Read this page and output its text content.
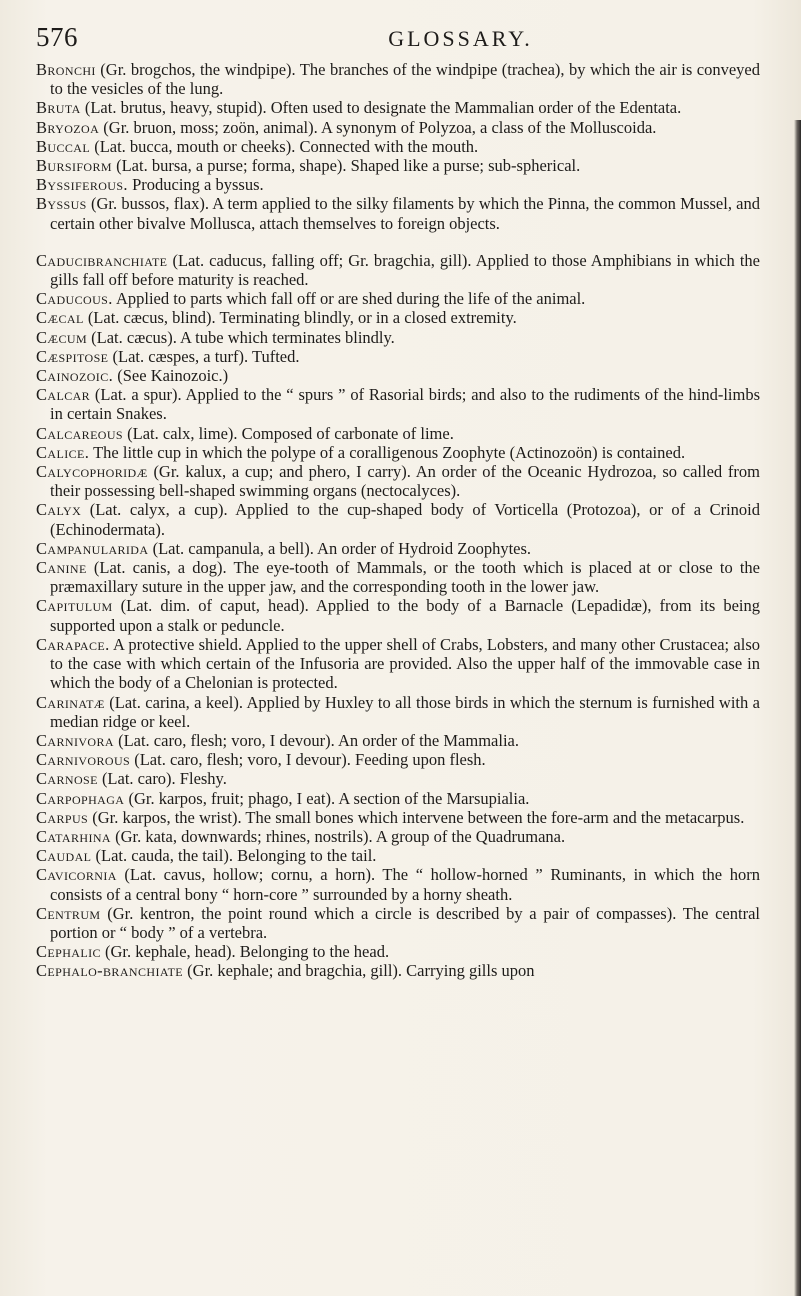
576	GLOSSARY.

Bronchi (Gr. brogchos, the windpipe). The branches of the windpipe (trachea), by which the air is conveyed to the vesicles of the lung.

Bruta (Lat. brutus, heavy, stupid). Often used to designate the Mammalian order of the Edentata.

Bryozoa (Gr. bruon, moss; zoön, animal). A synonym of Polyzoa, a class of the Molluscoida.

Buccal (Lat. bucca, mouth or cheeks). Connected with the mouth.

Bursiform (Lat. bursa, a purse; forma, shape). Shaped like a purse; sub-spherical.

Byssiferous. Producing a byssus.

Byssus (Gr. bussos, flax). A term applied to the silky filaments by which the Pinna, the common Mussel, and certain other bivalve Mollusca, attach themselves to foreign objects.

Caducibranchiate (Lat. caducus, falling off; Gr. bragchia, gill). Applied to those Amphibians in which the gills fall off before maturity is reached.

Caducous. Applied to parts which fall off or are shed during the life of the animal.

Cæcal (Lat. cæcus, blind). Terminating blindly, or in a closed extremity.

Cæcum (Lat. cæcus). A tube which terminates blindly.

Cæspitose (Lat. cæspes, a turf). Tufted.

Cainozoic. (See Kainozoic.)

Calcar (Lat. a spur). Applied to the “ spurs ” of Rasorial birds; and also to the rudiments of the hind-limbs in certain Snakes.

Calcareous (Lat. calx, lime). Composed of carbonate of lime.

Calice. The little cup in which the polype of a coralligenous Zoophyte (Actinozoön) is contained.

Calycophoridæ (Gr. kalux, a cup; and phero, I carry). An order of the Oceanic Hydrozoa, so called from their possessing bell-shaped swimming organs (nectocalyces).

Calyx (Lat. calyx, a cup). Applied to the cup-shaped body of Vorticella (Protozoa), or of a Crinoid (Echinodermata).

Campanularida (Lat. campanula, a bell). An order of Hydroid Zoophytes.

Canine (Lat. canis, a dog). The eye-tooth of Mammals, or the tooth which is placed at or close to the præmaxillary suture in the upper jaw, and the corresponding tooth in the lower jaw.

Capitulum (Lat. dim. of caput, head). Applied to the body of a Barnacle (Lepadidæ), from its being supported upon a stalk or peduncle.

Carapace. A protective shield. Applied to the upper shell of Crabs, Lobsters, and many other Crustacea; also to the case with which certain of the Infusoria are provided. Also the upper half of the immovable case in which the body of a Chelonian is protected.

Carinatæ (Lat. carina, a keel). Applied by Huxley to all those birds in which the sternum is furnished with a median ridge or keel.

Carnivora (Lat. caro, flesh; voro, I devour). An order of the Mammalia.

Carnivorous (Lat. caro, flesh; voro, I devour). Feeding upon flesh.

Carnose (Lat. caro). Fleshy.

Carpophaga (Gr. karpos, fruit; phago, I eat). A section of the Marsupialia.

Carpus (Gr. karpos, the wrist). The small bones which intervene between the fore-arm and the metacarpus.

Catarhina (Gr. kata, downwards; rhines, nostrils). A group of the Quadrumana.

Caudal (Lat. cauda, the tail). Belonging to the tail.

Cavicornia (Lat. cavus, hollow; cornu, a horn). The “ hollow-horned ” Ruminants, in which the horn consists of a central bony “ horn-core ” surrounded by a horny sheath.

Centrum (Gr. kentron, the point round which a circle is described by a pair of compasses). The central portion or “ body ” of a vertebra.

Cephalic (Gr. kephale, head). Belonging to the head.

Cephalo-branchiate (Gr. kephale; and bragchia, gill). Carrying gills upon
